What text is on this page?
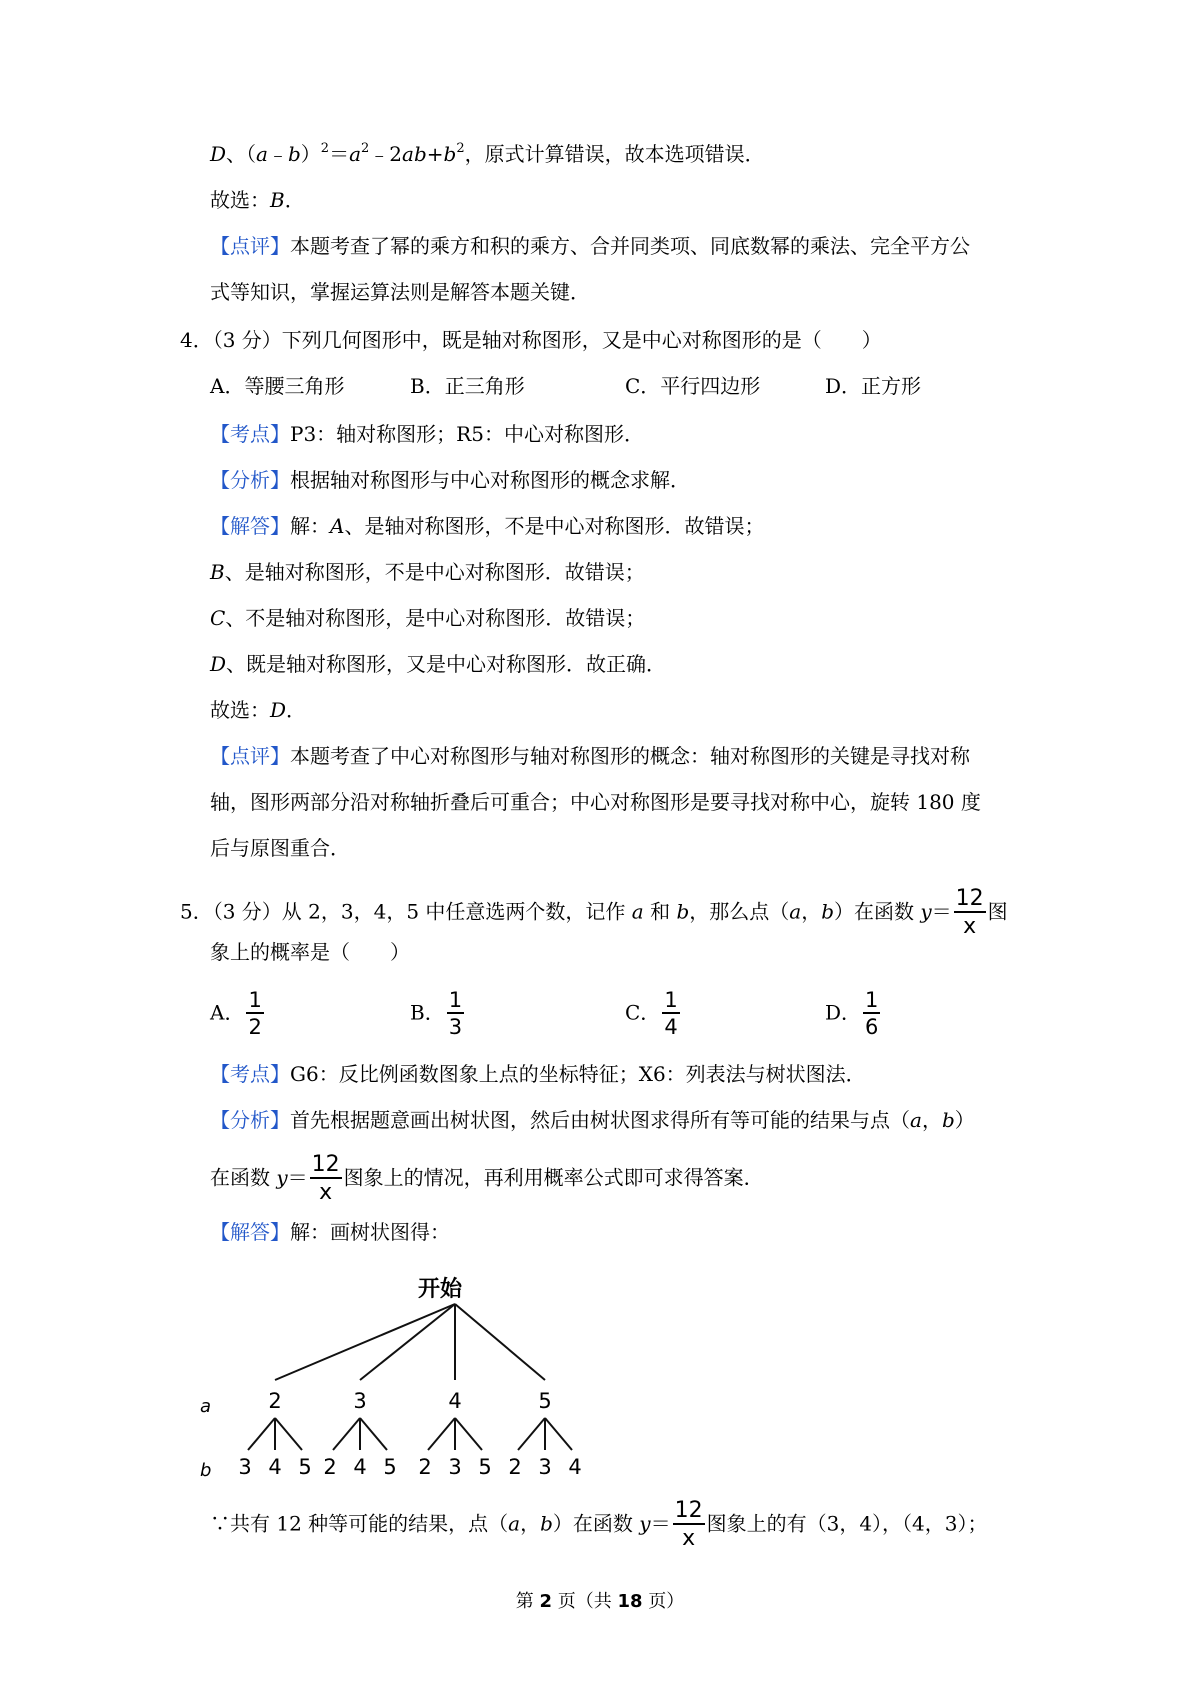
D、$(a﹣b)^2=a^2﹣2ab+b^2$，原式计算错误，故本选项错误．
故选：B．
【点评】本题考查了幂的乘方和积的乘方、合并同类项、同底数幂的乘法、完全平方公
式等知识，掌握运算法则是解答本题关键．
4．（3 分）下列几何图形中，既是轴对称图形，又是中心对称图形的是（　　）
A．等腰三角形	B．正三角形	C．平行四边形	D．正方形
【考点】P3：轴对称图形；R5：中心对称图形．
【分析】根据轴对称图形与中心对称图形的概念求解．
【解答】解：A、是轴对称图形，不是中心对称图形．故错误；
B、是轴对称图形，不是中心对称图形．故错误；
C、不是轴对称图形，是中心对称图形．故错误；
D、既是轴对称图形，又是中心对称图形．故正确．
故选：D．
【点评】本题考查了中心对称图形与轴对称图形的概念：轴对称图形的关键是寻找对称
轴，图形两部分沿对称轴折叠后可重合；中心对称图形是要寻找对称中心，旋转 180 度
后与原图重合．
5．（3 分）从 2，3，4，5 中任意选两个数，记作 a 和 b，那么点（a，b）在函数 $y= \frac{12}{x}$ 图
象上的概率是（　　）
A． $\frac{1}{2}$	B． $\frac{1}{3}$	C． $\frac{1}{4}$	D． $\frac{1}{6}$
【考点】G6：反比例函数图象上点的坐标特征；X6：列表法与树状图法．
【分析】首先根据题意画出树状图，然后由树状图求得所有等可能的结果与点（a，b）
在函数 $y= \frac{12}{x}$ 图象上的情况，再利用概率公式即可求得答案．
【解答】解：画树状图得：
开始
a
b
2	3	4	5
3 4 5 2 4 5 2 3 5 2 3 4
∵共有 12 种等可能的结果，点（a，b）在函数 $y= \frac{12}{x}$ 图象上的有（3，4），（4，3）；
第 2 页（共 18 页）
